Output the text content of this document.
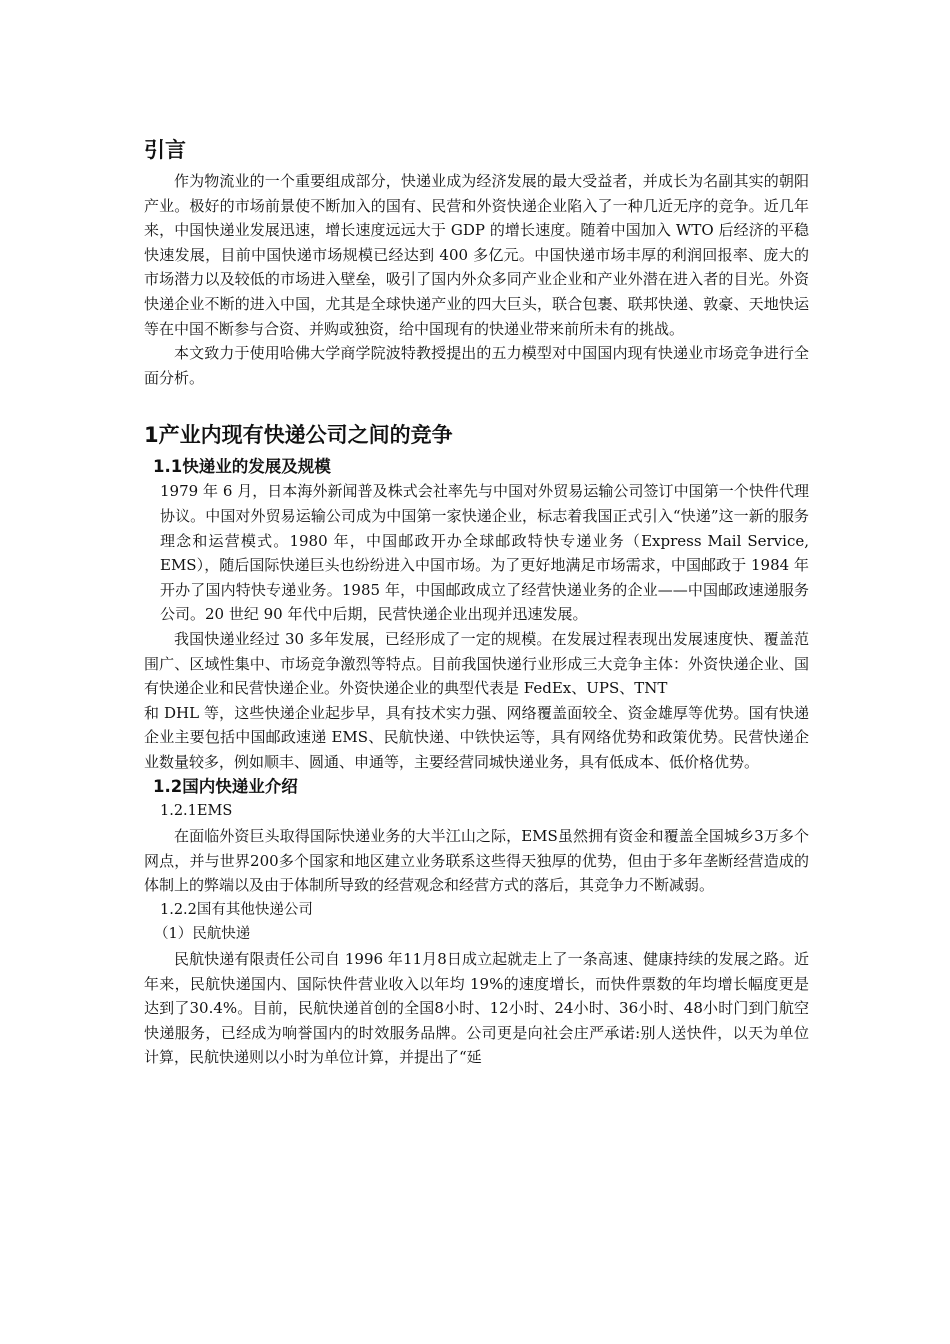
引言

作为物流业的一个重要组成部分，快递业成为经济发展的最大受益者，并成长为名副其实的朝阳产业。极好的市场前景使不断加入的国有、民营和外资快递企业陷入了一种几近无序的竞争。近几年来，中国快递业发展迅速，增长速度远远大于 GDP 的增长速度。随着中国加入 WTO 后经济的平稳快速发展，目前中国快递市场规模已经达到 400 多亿元。中国快递市场丰厚的利润回报率、庞大的市场潜力以及较低的市场进入壁垒，吸引了国内外众多同产业企业和产业外潜在进入者的目光。外资快递企业不断的进入中国，尤其是全球快递产业的四大巨头，联合包裹、联邦快递、敦豪、天地快运等在中国不断参与合资、并购或独资，给中国现有的快递业带来前所未有的挑战。

本文致力于使用哈佛大学商学院波特教授提出的五力模型对中国国内现有快递业市场竞争进行全面分析。

1产业内现有快递公司之间的竞争
1.1快递业的发展及规模

1979 年 6 月，日本海外新闻普及株式会社率先与中国对外贸易运输公司签订中国第一个快件代理协议。中国对外贸易运输公司成为中国第一家快递企业，标志着我国正式引入“快递”这一新的服务理念和运营模式。1980 年，中国邮政开办全球邮政特快专递业务（Express Mail Service, EMS），随后国际快递巨头也纷纷进入中国市场。为了更好地满足市场需求，中国邮政于 1984 年开办了国内特快专递业务。1985 年，中国邮政成立了经营快递业务的企业——中国邮政速递服务公司。20 世纪 90 年代中后期，民营快递企业出现并迅速发展。

我国快递业经过 30 多年发展，已经形成了一定的规模。在发展过程表现出发展速度快、覆盖范围广、区域性集中、市场竞争激烈等特点。目前我国快递行业形成三大竞争主体：外资快递企业、国有快递企业和民营快递企业。外资快递企业的典型代表是 FedEx、UPS、TNT

和 DHL 等，这些快递企业起步早，具有技术实力强、网络覆盖面较全、资金雄厚等优势。国有快递企业主要包括中国邮政速递 EMS、民航快递、中铁快运等，具有网络优势和政策优势。民营快递企业数量较多，例如顺丰、圆通、申通等，主要经营同城快递业务，具有低成本、低价格优势。

1.2国内快递业介绍

1.2.1EMS

在面临外资巨头取得国际快递业务的大半江山之际，EMS虽然拥有资金和覆盖全国城乡3万多个网点，并与世界200多个国家和地区建立业务联系这些得天独厚的优势，但由于多年垄断经营造成的体制上的弊端以及由于体制所导致的经营观念和经营方式的落后，其竞争力不断减弱。

1.2.2国有其他快递公司

（1）民航快递

民航快递有限责任公司自 1996 年11月8日成立起就走上了一条高速、健康持续的发展之路。近年来，民航快递国内、国际快件营业收入以年均 19%的速度增长，而快件票数的年均增长幅度更是达到了30.4%。目前，民航快递首创的全国8小时、12小时、24小时、36小时、48小时门到门航空快递服务，已经成为响誉国内的时效服务品牌。公司更是向社会庄严承诺:别人送快件，以天为单位计算，民航快递则以小时为单位计算，并提出了“延
